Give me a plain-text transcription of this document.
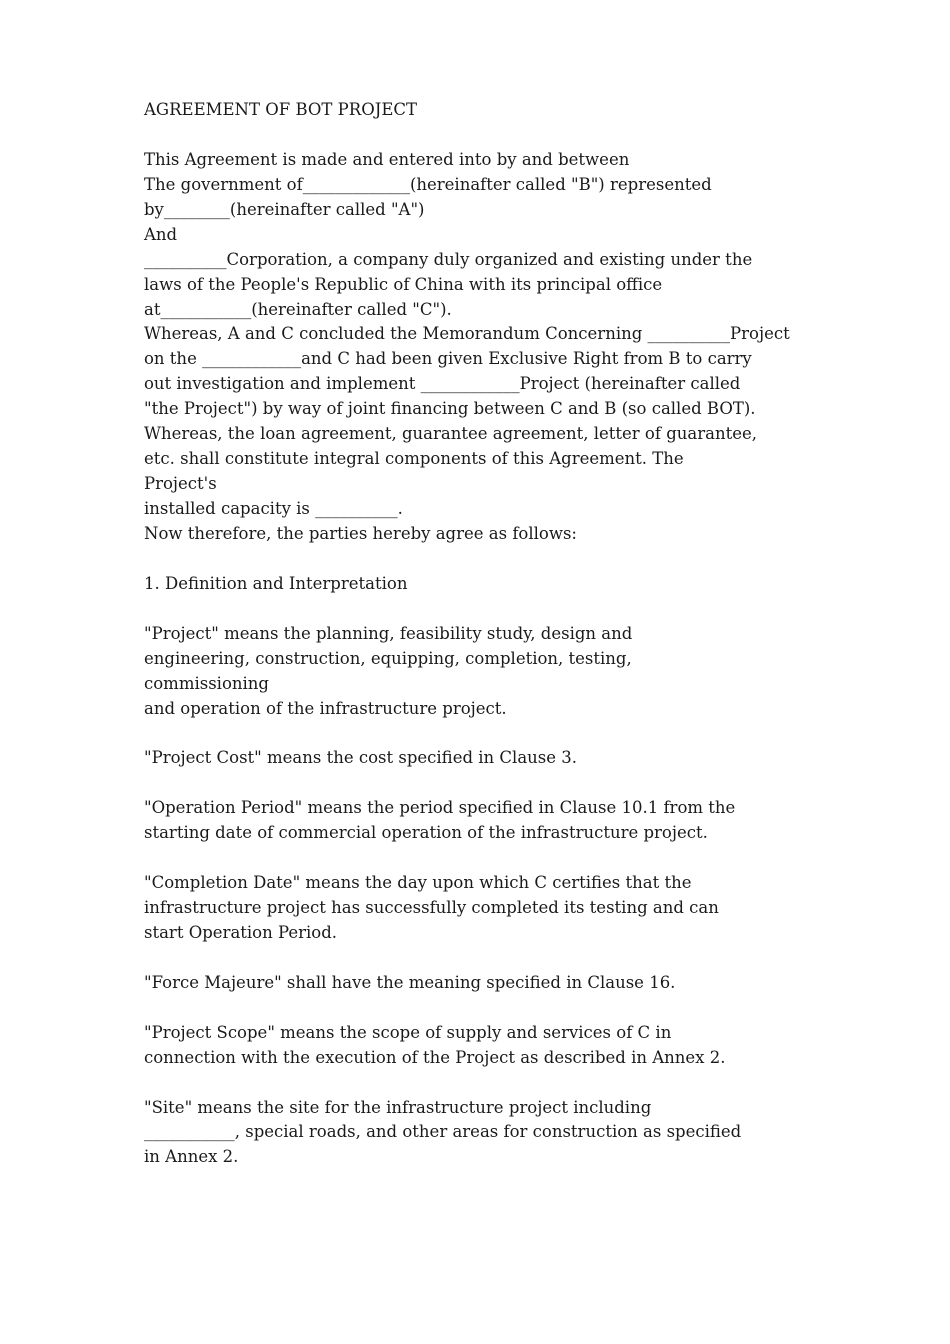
AGREEMENT OF BOT PROJECT
This Agreement is made and entered into by and between
The government of_____________(hereinafter called "B") represented
by________(hereinafter called "A")
And
__________Corporation, a company duly organized and existing under the
laws of the People's Republic of China with its principal office
at___________(hereinafter called "C").
Whereas, A and C concluded the Memorandum Concerning __________Project
on the ____________and C had been given Exclusive Right from B to carry
out investigation and implement ____________Project (hereinafter called
"the Project") by way of joint financing between C and B (so called BOT).
Whereas, the loan agreement, guarantee agreement, letter of guarantee,
etc. shall constitute integral components of this Agreement. The
Project's
installed capacity is __________.
Now therefore, the parties hereby agree as follows:
1. Definition and Interpretation
"Project" means the planning, feasibility study, design and
engineering, construction, equipping, completion, testing,
commissioning
and operation of the infrastructure project.
"Project Cost" means the cost specified in Clause 3.
"Operation Period" means the period specified in Clause 10.1 from the
starting date of commercial operation of the infrastructure project.
"Completion Date" means the day upon which C certifies that the
infrastructure project has successfully completed its testing and can
start Operation Period.
"Force Majeure" shall have the meaning specified in Clause 16.
"Project Scope" means the scope of supply and services of C in
connection with the execution of the Project as described in Annex 2.
"Site" means the site for the infrastructure project including
___________, special roads, and other areas for construction as specified
in Annex 2.
